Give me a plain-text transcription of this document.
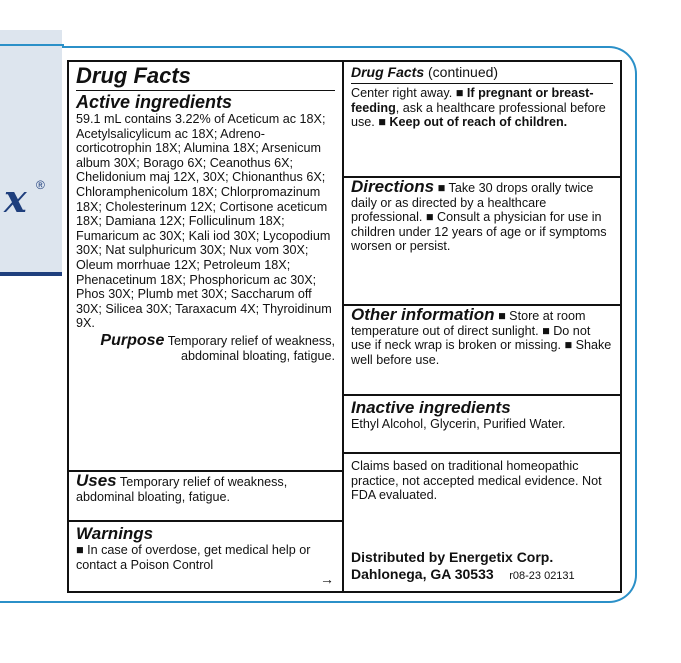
x ®
Drug Facts
Active ingredients

59.1 mL contains 3.22% of Aceticum ac 18X; Acetylsalicylicum ac 18X; Adreno-corticotrophin 18X; Alumina 18X; Arsenicum album 30X; Borago 6X; Ceanothus 6X; Chelidonium maj 12X, 30X; Chionanthus 6X; Chloramphenicolum 18X; Chlorpromazinum 18X; Cholesterinum 12X; Cortisone aceticum 18X; Damiana 12X; Folliculinum 18X; Fumaricum ac 30X; Kali iod 30X; Lycopodium 30X; Nat sulphuricum 30X; Nux vom 30X; Oleum morrhuae 12X; Petroleum 18X; Phenacetinum 18X; Phosphoricum ac 30X; Phos 30X; Plumb met 30X; Saccharum off 30X; Silicea 30X; Taraxacum 4X; Thyroidinum 9X.

Purpose Temporary relief of weakness, abdominal bloating, fatigue.

Uses Temporary relief of weakness, abdominal bloating, fatigue.

Warnings

■ In case of overdose, get medical help or contact a Poison Control

→
Drug Facts (continued)

Center right away. ■ If pregnant or breast-feeding, ask a healthcare professional before use. ■ Keep out of reach of children.

Directions ■ Take 30 drops orally twice daily or as directed by a healthcare professional. ■ Consult a physician for use in children under 12 years of age or if symptoms worsen or persist.

Other information ■ Store at room temperature out of direct sunlight. ■ Do not use if neck wrap is broken or missing. ■ Shake well before use.

Inactive ingredients

Ethyl Alcohol, Glycerin, Purified Water.

Claims based on traditional homeopathic practice, not accepted medical evidence. Not FDA evaluated.

Distributed by Energetix Corp.
Dahlonega, GA 30533 r08-23 02131
